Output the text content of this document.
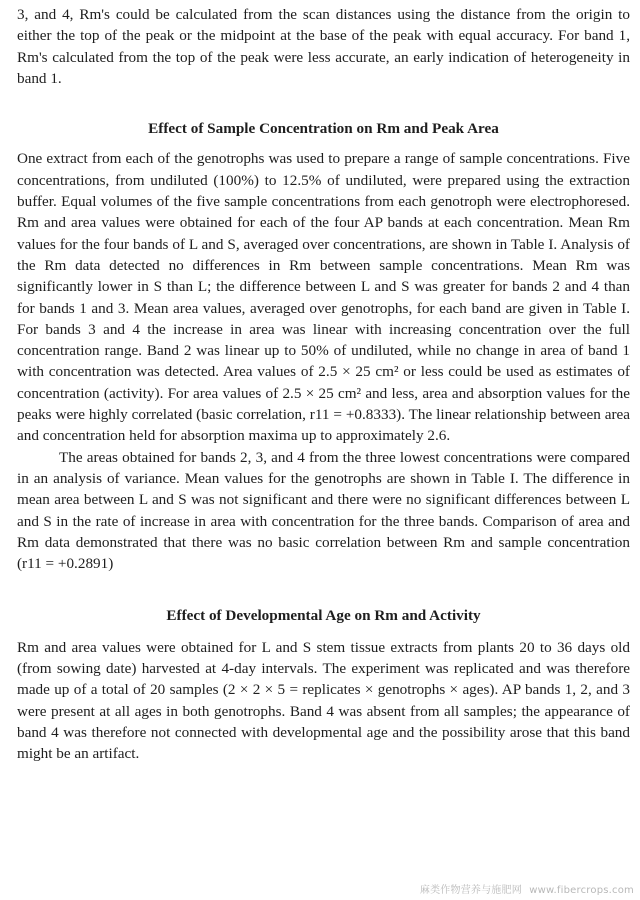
3, and 4, Rm's could be calculated from the scan distances using the distance from the origin to either the top of the peak or the midpoint at the base of the peak with equal accuracy. For band 1, Rm's calculated from the top of the peak were less accurate, an early indication of heterogeneity in band 1.

Effect of Sample Concentration on Rm and Peak Area

One extract from each of the genotrophs was used to prepare a range of sample concentrations. Five concentrations, from undiluted (100%) to 12.5% of undiluted, were prepared using the extraction buffer. Equal volumes of the five sample concentrations from each genotroph were electrophoresed. Rm and area values were obtained for each of the four AP bands at each concentration. Mean Rm values for the four bands of L and S, averaged over concentrations, are shown in Table I. Analysis of the Rm data detected no differences in Rm between sample concentrations. Mean Rm was significantly lower in S than L; the difference between L and S was greater for bands 2 and 4 than for bands 1 and 3. Mean area values, averaged over genotrophs, for each band are given in Table I. For bands 3 and 4 the increase in area was linear with increasing concentration over the full concentration range. Band 2 was linear up to 50% of undiluted, while no change in area of band 1 with concentration was detected. Area values of 2.5 × 25 cm² or less could be used as estimates of concentration (activity). For area values of 2.5 × 25 cm² and less, area and absorption values for the peaks were highly correlated (basic correlation, r11 = +0.8333). The linear relationship between area and concentration held for absorption maxima up to approximately 2.6.

The areas obtained for bands 2, 3, and 4 from the three lowest concentrations were compared in an analysis of variance. Mean values for the genotrophs are shown in Table I. The difference in mean area between L and S was not significant and there were no significant differences between L and S in the rate of increase in area with concentration for the three bands. Comparison of area and Rm data demonstrated that there was no basic correlation between Rm and sample concentration (r11 = +0.2891)

Effect of Developmental Age on Rm and Activity

Rm and area values were obtained for L and S stem tissue extracts from plants 20 to 36 days old (from sowing date) harvested at 4-day intervals. The experiment was replicated and was therefore made up of a total of 20 samples (2 × 2 × 5 = replicates × genotrophs × ages). AP bands 1, 2, and 3 were present at all ages in both genotrophs. Band 4 was absent from all samples; the appearance of band 4 was therefore not connected with developmental age and the possibility arose that this band might be an artifact.

麻类作物营养与施肥网 www.fibercrops.com
